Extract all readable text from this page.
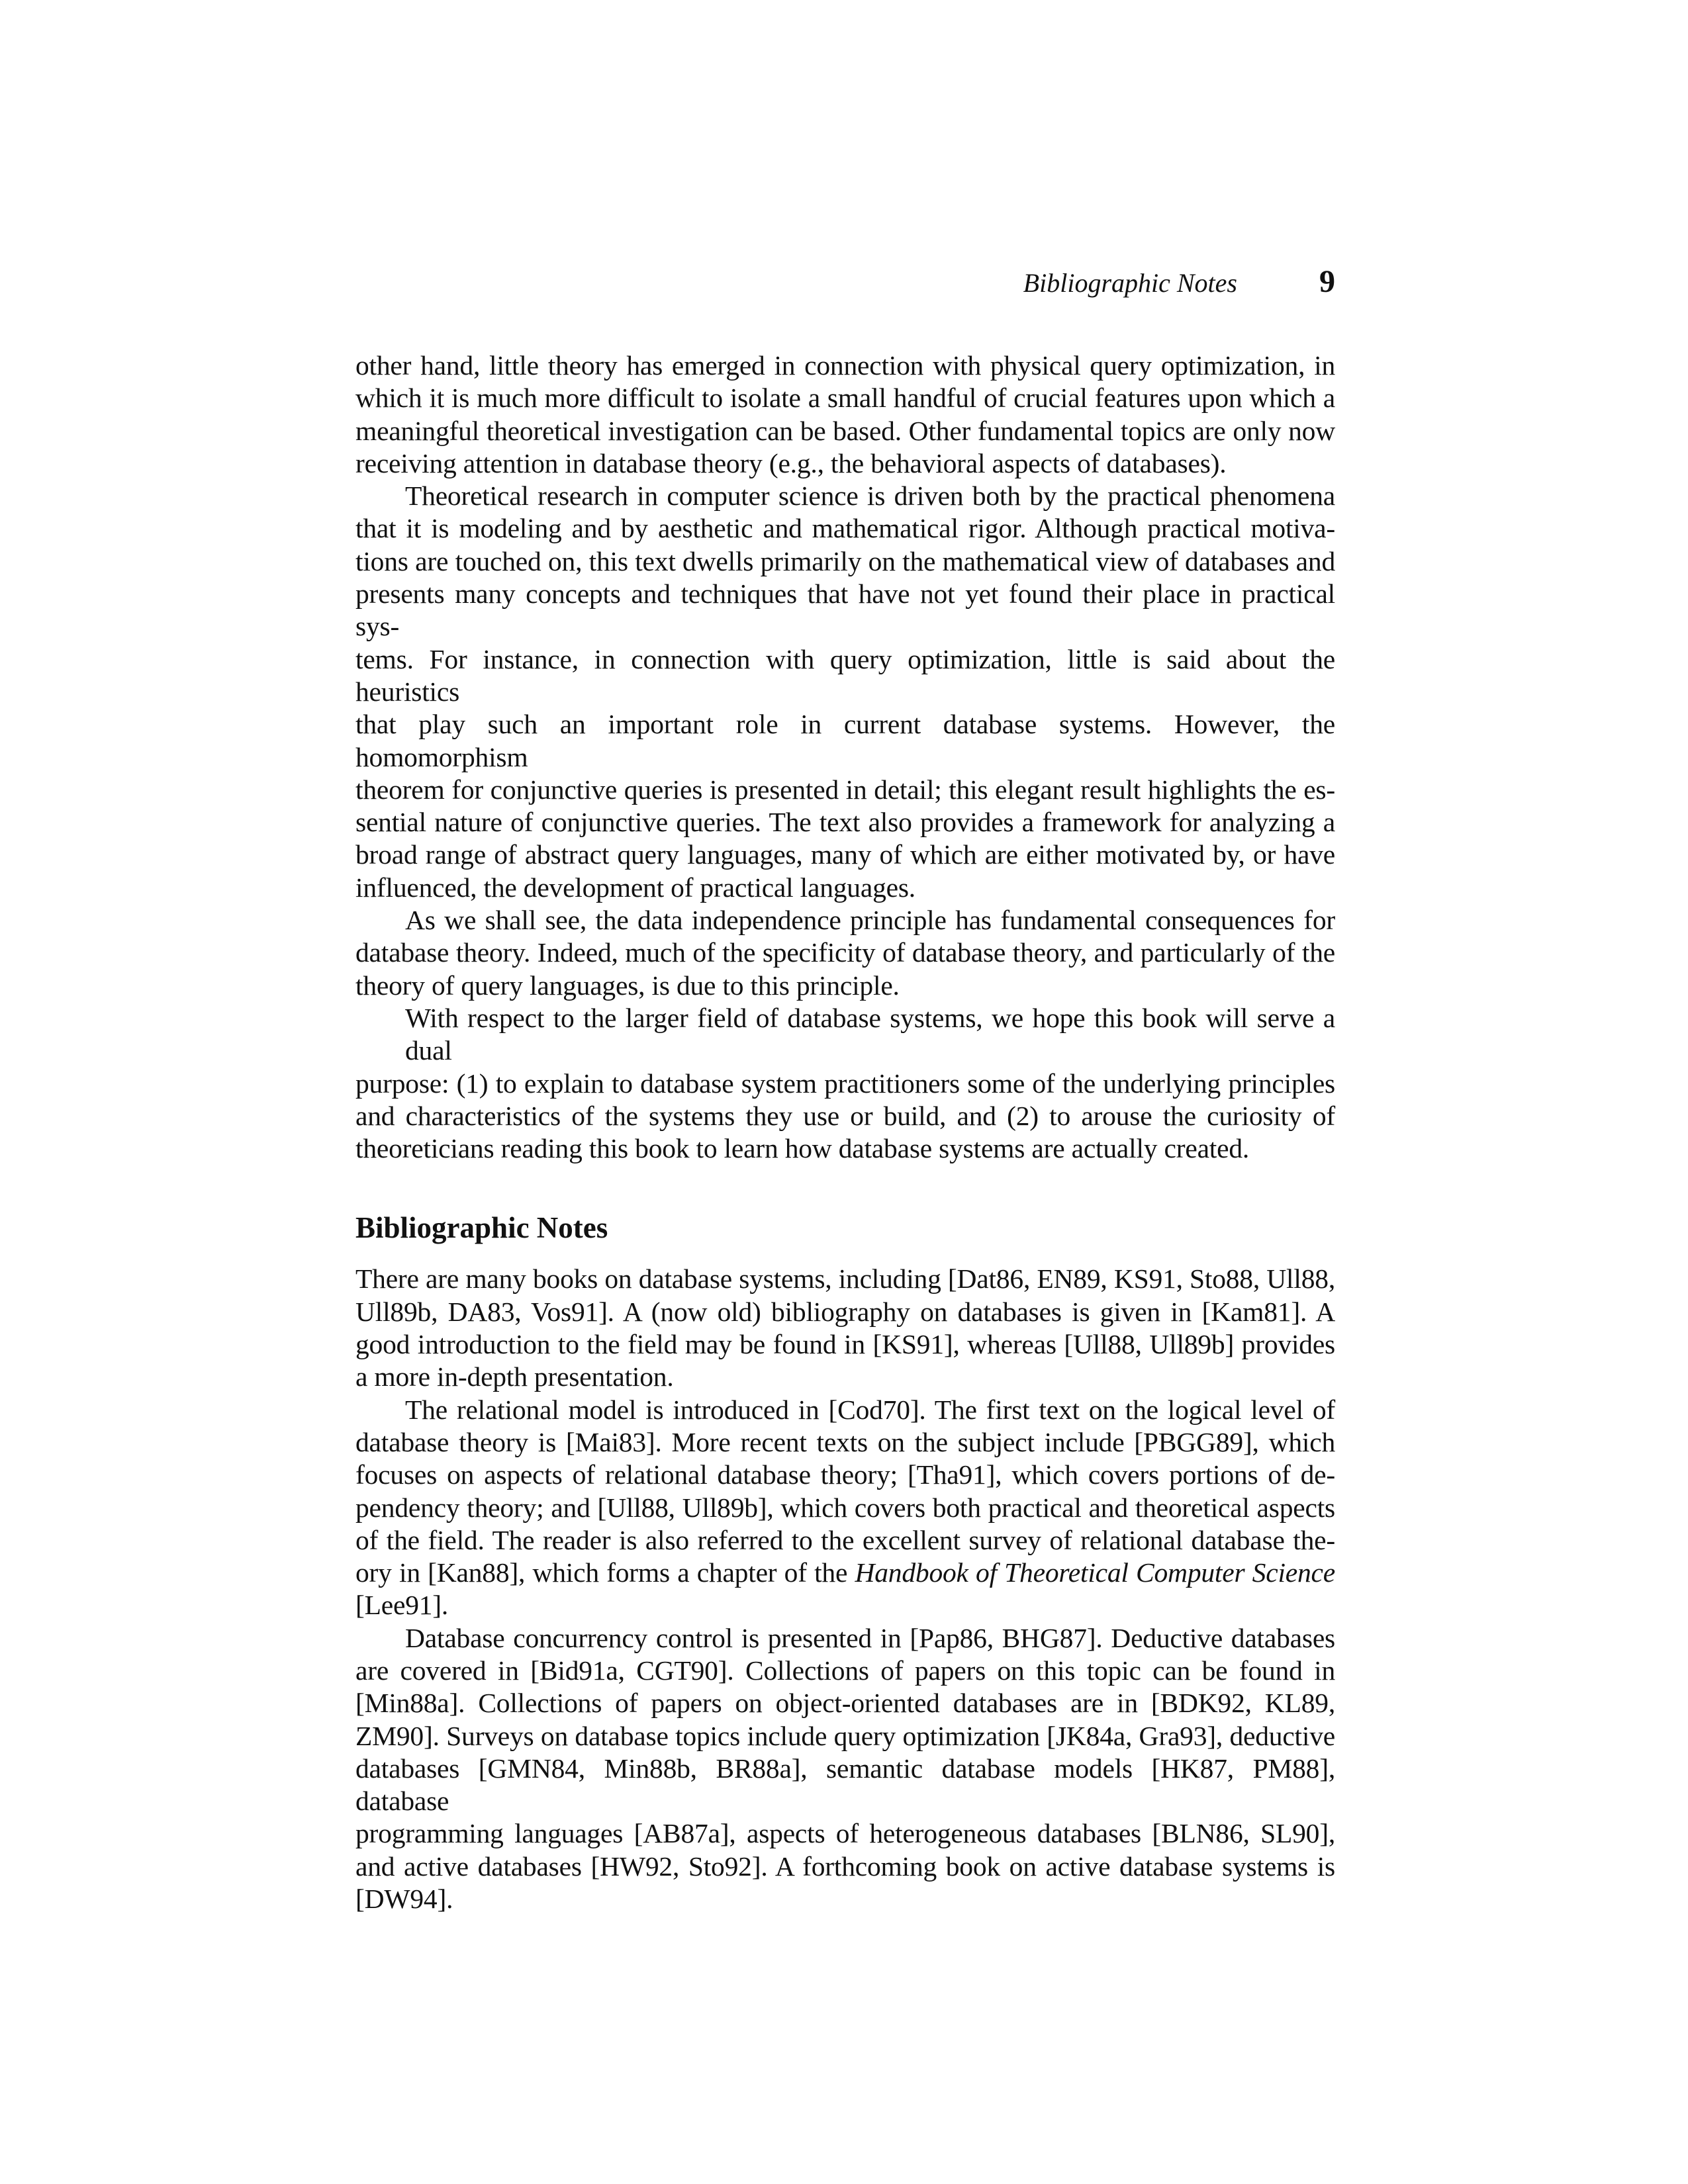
Bibliographic Notes	9
other hand, little theory has emerged in connection with physical query optimization, in
which it is much more difficult to isolate a small handful of crucial features upon which a
meaningful theoretical investigation can be based. Other fundamental topics are only now
receiving attention in database theory (e.g., the behavioral aspects of databases).
Theoretical research in computer science is driven both by the practical phenomena
that it is modeling and by aesthetic and mathematical rigor. Although practical motiva-
tions are touched on, this text dwells primarily on the mathematical view of databases and
presents many concepts and techniques that have not yet found their place in practical sys-
tems. For instance, in connection with query optimization, little is said about the heuristics
that play such an important role in current database systems. However, the homomorphism
theorem for conjunctive queries is presented in detail; this elegant result highlights the es-
sential nature of conjunctive queries. The text also provides a framework for analyzing a
broad range of abstract query languages, many of which are either motivated by, or have
influenced, the development of practical languages.
As we shall see, the data independence principle has fundamental consequences for
database theory. Indeed, much of the specificity of database theory, and particularly of the
theory of query languages, is due to this principle.
With respect to the larger field of database systems, we hope this book will serve a dual
purpose: (1) to explain to database system practitioners some of the underlying principles
and characteristics of the systems they use or build, and (2) to arouse the curiosity of
theoreticians reading this book to learn how database systems are actually created.
Bibliographic Notes
There are many books on database systems, including [Dat86, EN89, KS91, Sto88, Ull88,
Ull89b, DA83, Vos91]. A (now old) bibliography on databases is given in [Kam81]. A
good introduction to the field may be found in [KS91], whereas [Ull88, Ull89b] provides
a more in-depth presentation.
The relational model is introduced in [Cod70]. The first text on the logical level of
database theory is [Mai83]. More recent texts on the subject include [PBGG89], which
focuses on aspects of relational database theory; [Tha91], which covers portions of de-
pendency theory; and [Ull88, Ull89b], which covers both practical and theoretical aspects
of the field. The reader is also referred to the excellent survey of relational database the-
ory in [Kan88], which forms a chapter of the Handbook of Theoretical Computer Science
[Lee91].
Database concurrency control is presented in [Pap86, BHG87]. Deductive databases
are covered in [Bid91a, CGT90]. Collections of papers on this topic can be found in
[Min88a]. Collections of papers on object-oriented databases are in [BDK92, KL89,
ZM90]. Surveys on database topics include query optimization [JK84a, Gra93], deductive
databases [GMN84, Min88b, BR88a], semantic database models [HK87, PM88], database
programming languages [AB87a], aspects of heterogeneous databases [BLN86, SL90],
and active databases [HW92, Sto92]. A forthcoming book on active database systems is
[DW94].
